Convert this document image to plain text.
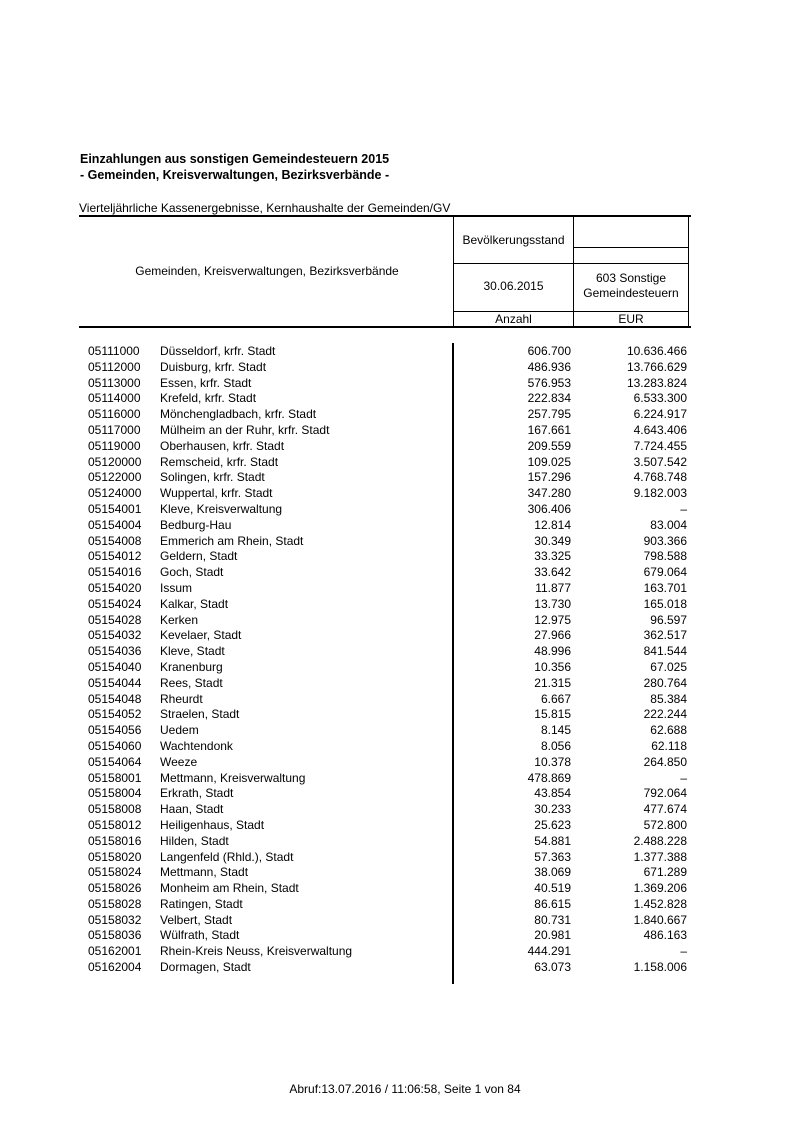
Einzahlungen aus sonstigen Gemeindesteuern 2015
- Gemeinden, Kreisverwaltungen, Bezirksverbände -
Vierteljährliche Kassenergebnisse, Kernhaushalte der Gemeinden/GV
Gemeinden, Kreisverwaltungen, Bezirksverbände
Bevölkerungsstand
30.06.2015
Anzahl
603 Sonstige
Gemeindesteuern
EUR
05111000 Düsseldorf, krfr. Stadt	606.700	10.636.466
05112000 Duisburg, krfr. Stadt	486.936	13.766.629
05113000 Essen, krfr. Stadt	576.953	13.283.824
05114000 Krefeld, krfr. Stadt	222.834	6.533.300
05116000 Mönchengladbach, krfr. Stadt	257.795	6.224.917
05117000 Mülheim an der Ruhr, krfr. Stadt	167.661	4.643.406
05119000 Oberhausen, krfr. Stadt	209.559	7.724.455
05120000 Remscheid, krfr. Stadt	109.025	3.507.542
05122000 Solingen, krfr. Stadt	157.296	4.768.748
05124000 Wuppertal, krfr. Stadt	347.280	9.182.003
05154001 Kleve, Kreisverwaltung	306.406	–
05154004 Bedburg-Hau	12.814	83.004
05154008 Emmerich am Rhein, Stadt	30.349	903.366
05154012 Geldern, Stadt	33.325	798.588
05154016 Goch, Stadt	33.642	679.064
05154020 Issum	11.877	163.701
05154024 Kalkar, Stadt	13.730	165.018
05154028 Kerken	12.975	96.597
05154032 Kevelaer, Stadt	27.966	362.517
05154036 Kleve, Stadt	48.996	841.544
05154040 Kranenburg	10.356	67.025
05154044 Rees, Stadt	21.315	280.764
05154048 Rheurdt	6.667	85.384
05154052 Straelen, Stadt	15.815	222.244
05154056 Uedem	8.145	62.688
05154060 Wachtendonk	8.056	62.118
05154064 Weeze	10.378	264.850
05158001 Mettmann, Kreisverwaltung	478.869	–
05158004 Erkrath, Stadt	43.854	792.064
05158008 Haan, Stadt	30.233	477.674
05158012 Heiligenhaus, Stadt	25.623	572.800
05158016 Hilden, Stadt	54.881	2.488.228
05158020 Langenfeld (Rhld.), Stadt	57.363	1.377.388
05158024 Mettmann, Stadt	38.069	671.289
05158026 Monheim am Rhein, Stadt	40.519	1.369.206
05158028 Ratingen, Stadt	86.615	1.452.828
05158032 Velbert, Stadt	80.731	1.840.667
05158036 Wülfrath, Stadt	20.981	486.163
05162001 Rhein-Kreis Neuss, Kreisverwaltung	444.291	–
05162004 Dormagen, Stadt	63.073	1.158.006
Abruf:13.07.2016 / 11:06:58, Seite 1 von 84
